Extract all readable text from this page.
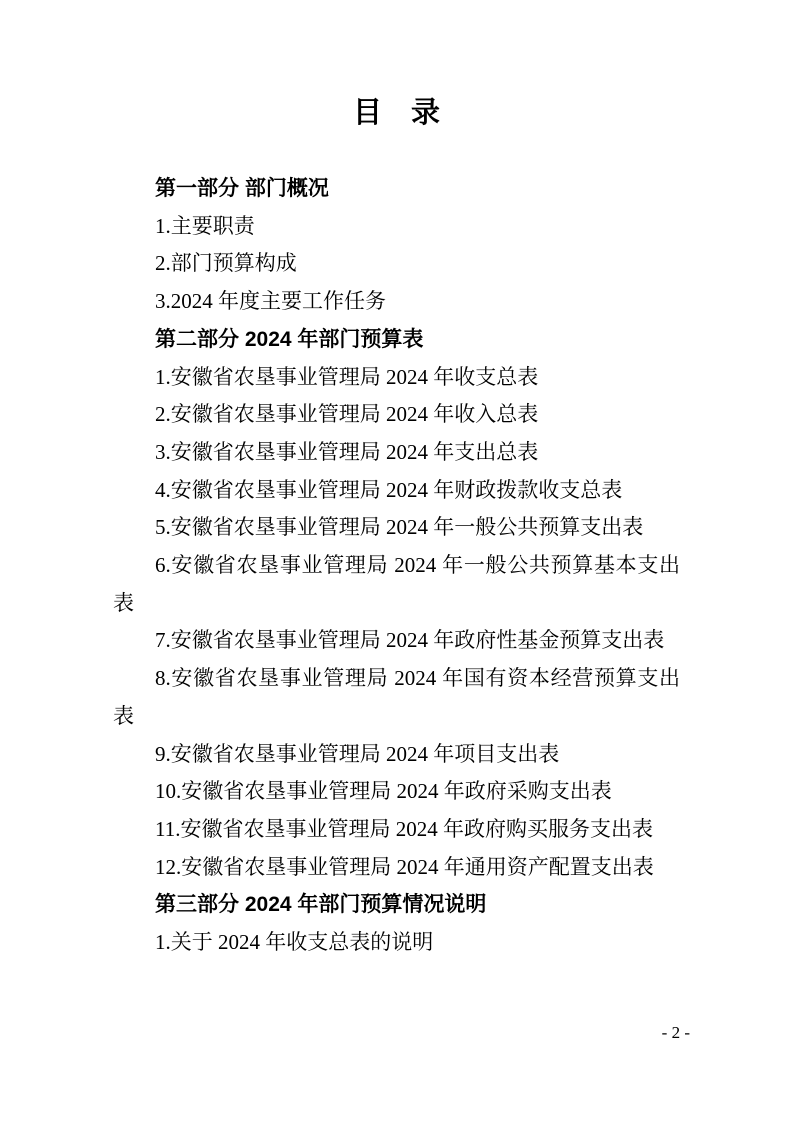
目　录

第一部分 部门概况

1.主要职责

2.部门预算构成

3.2024 年度主要工作任务

第二部分 2024 年部门预算表

1.安徽省农垦事业管理局 2024 年收支总表

2.安徽省农垦事业管理局 2024 年收入总表

3.安徽省农垦事业管理局 2024 年支出总表

4.安徽省农垦事业管理局 2024 年财政拨款收支总表

5.安徽省农垦事业管理局 2024 年一般公共预算支出表

6.安徽省农垦事业管理局 2024 年一般公共预算基本支出表

7.安徽省农垦事业管理局 2024 年政府性基金预算支出表

8.安徽省农垦事业管理局 2024 年国有资本经营预算支出表

9.安徽省农垦事业管理局 2024 年项目支出表

10.安徽省农垦事业管理局 2024 年政府采购支出表

11.安徽省农垦事业管理局 2024 年政府购买服务支出表

12.安徽省农垦事业管理局 2024 年通用资产配置支出表

第三部分 2024 年部门预算情况说明

1.关于 2024 年收支总表的说明

- 2 -
